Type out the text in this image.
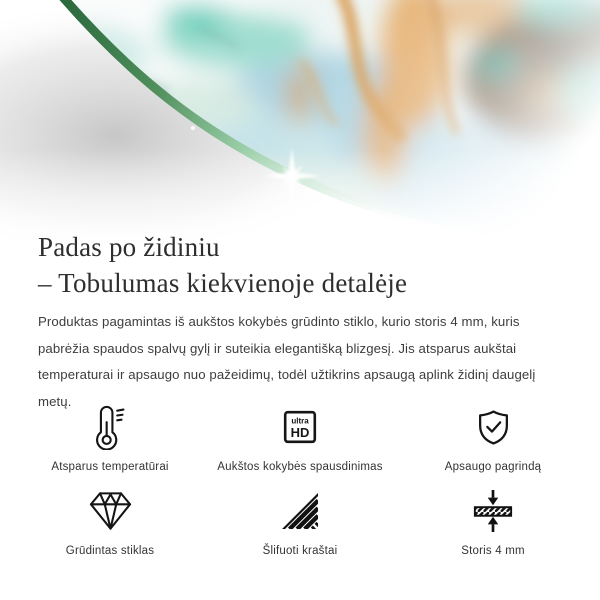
Padas po židiniu
– Tobulumas kiekvienoje detalėje

Produktas pagamintas iš aukštos kokybės grūdinto stiklo, kurio storis 4 mm, kuris pabrėžia spaudos spalvų gylį ir suteikia elegantišką blizgesį. Jis atsparus aukštai temperaturai ir apsaugo nuo pažeidimų, todėl užtikrins apsaugą aplink židinį daugelį metų.

Atsparus temperatūrai
ultra
HD
Aukštos kokybės spausdinimas	Apsaugo pagrindą
Grūdintas stiklas	Šlifuoti kraštai	Storis 4 mm
